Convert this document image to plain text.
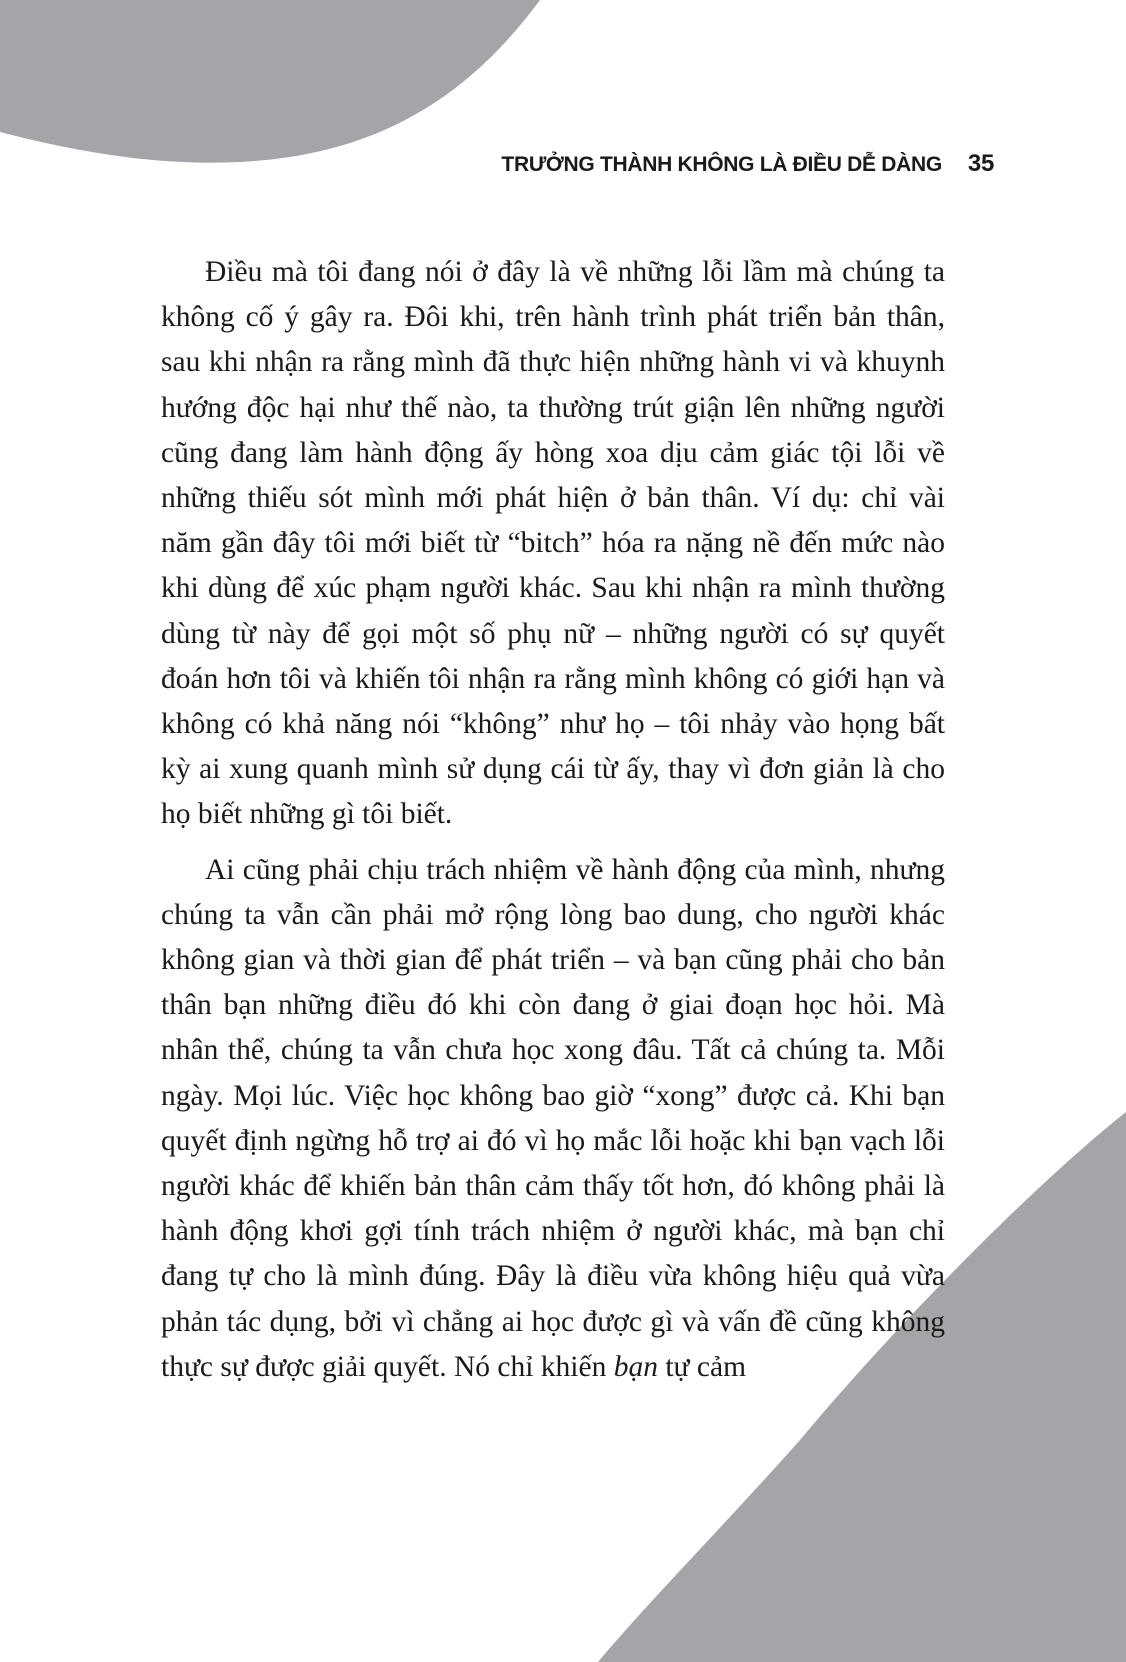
TRƯỞNG THÀNH KHÔNG LÀ ĐIỀU DỄ DÀNG 35

Điều mà tôi đang nói ở đây là về những lỗi lầm mà chúng ta không cố ý gây ra. Đôi khi, trên hành trình phát triển bản thân, sau khi nhận ra rằng mình đã thực hiện những hành vi và khuynh hướng độc hại như thế nào, ta thường trút giận lên những người cũng đang làm hành động ấy hòng xoa dịu cảm giác tội lỗi về những thiếu sót mình mới phát hiện ở bản thân. Ví dụ: chỉ vài năm gần đây tôi mới biết từ “bitch” hóa ra nặng nề đến mức nào khi dùng để xúc phạm người khác. Sau khi nhận ra mình thường dùng từ này để gọi một số phụ nữ – những người có sự quyết đoán hơn tôi và khiến tôi nhận ra rằng mình không có giới hạn và không có khả năng nói “không” như họ – tôi nhảy vào họng bất kỳ ai xung quanh mình sử dụng cái từ ấy, thay vì đơn giản là cho họ biết những gì tôi biết.

Ai cũng phải chịu trách nhiệm về hành động của mình, nhưng chúng ta vẫn cần phải mở rộng lòng bao dung, cho người khác không gian và thời gian để phát triển – và bạn cũng phải cho bản thân bạn những điều đó khi còn đang ở giai đoạn học hỏi. Mà nhân thể, chúng ta vẫn chưa học xong đâu. Tất cả chúng ta. Mỗi ngày. Mọi lúc. Việc học không bao giờ “xong” được cả. Khi bạn quyết định ngừng hỗ trợ ai đó vì họ mắc lỗi hoặc khi bạn vạch lỗi người khác để khiến bản thân cảm thấy tốt hơn, đó không phải là hành động khơi gợi tính trách nhiệm ở người khác, mà bạn chỉ đang tự cho là mình đúng. Đây là điều vừa không hiệu quả vừa phản tác dụng, bởi vì chẳng ai học được gì và vấn đề cũng không thực sự được giải quyết. Nó chỉ khiến bạn tự cảm
